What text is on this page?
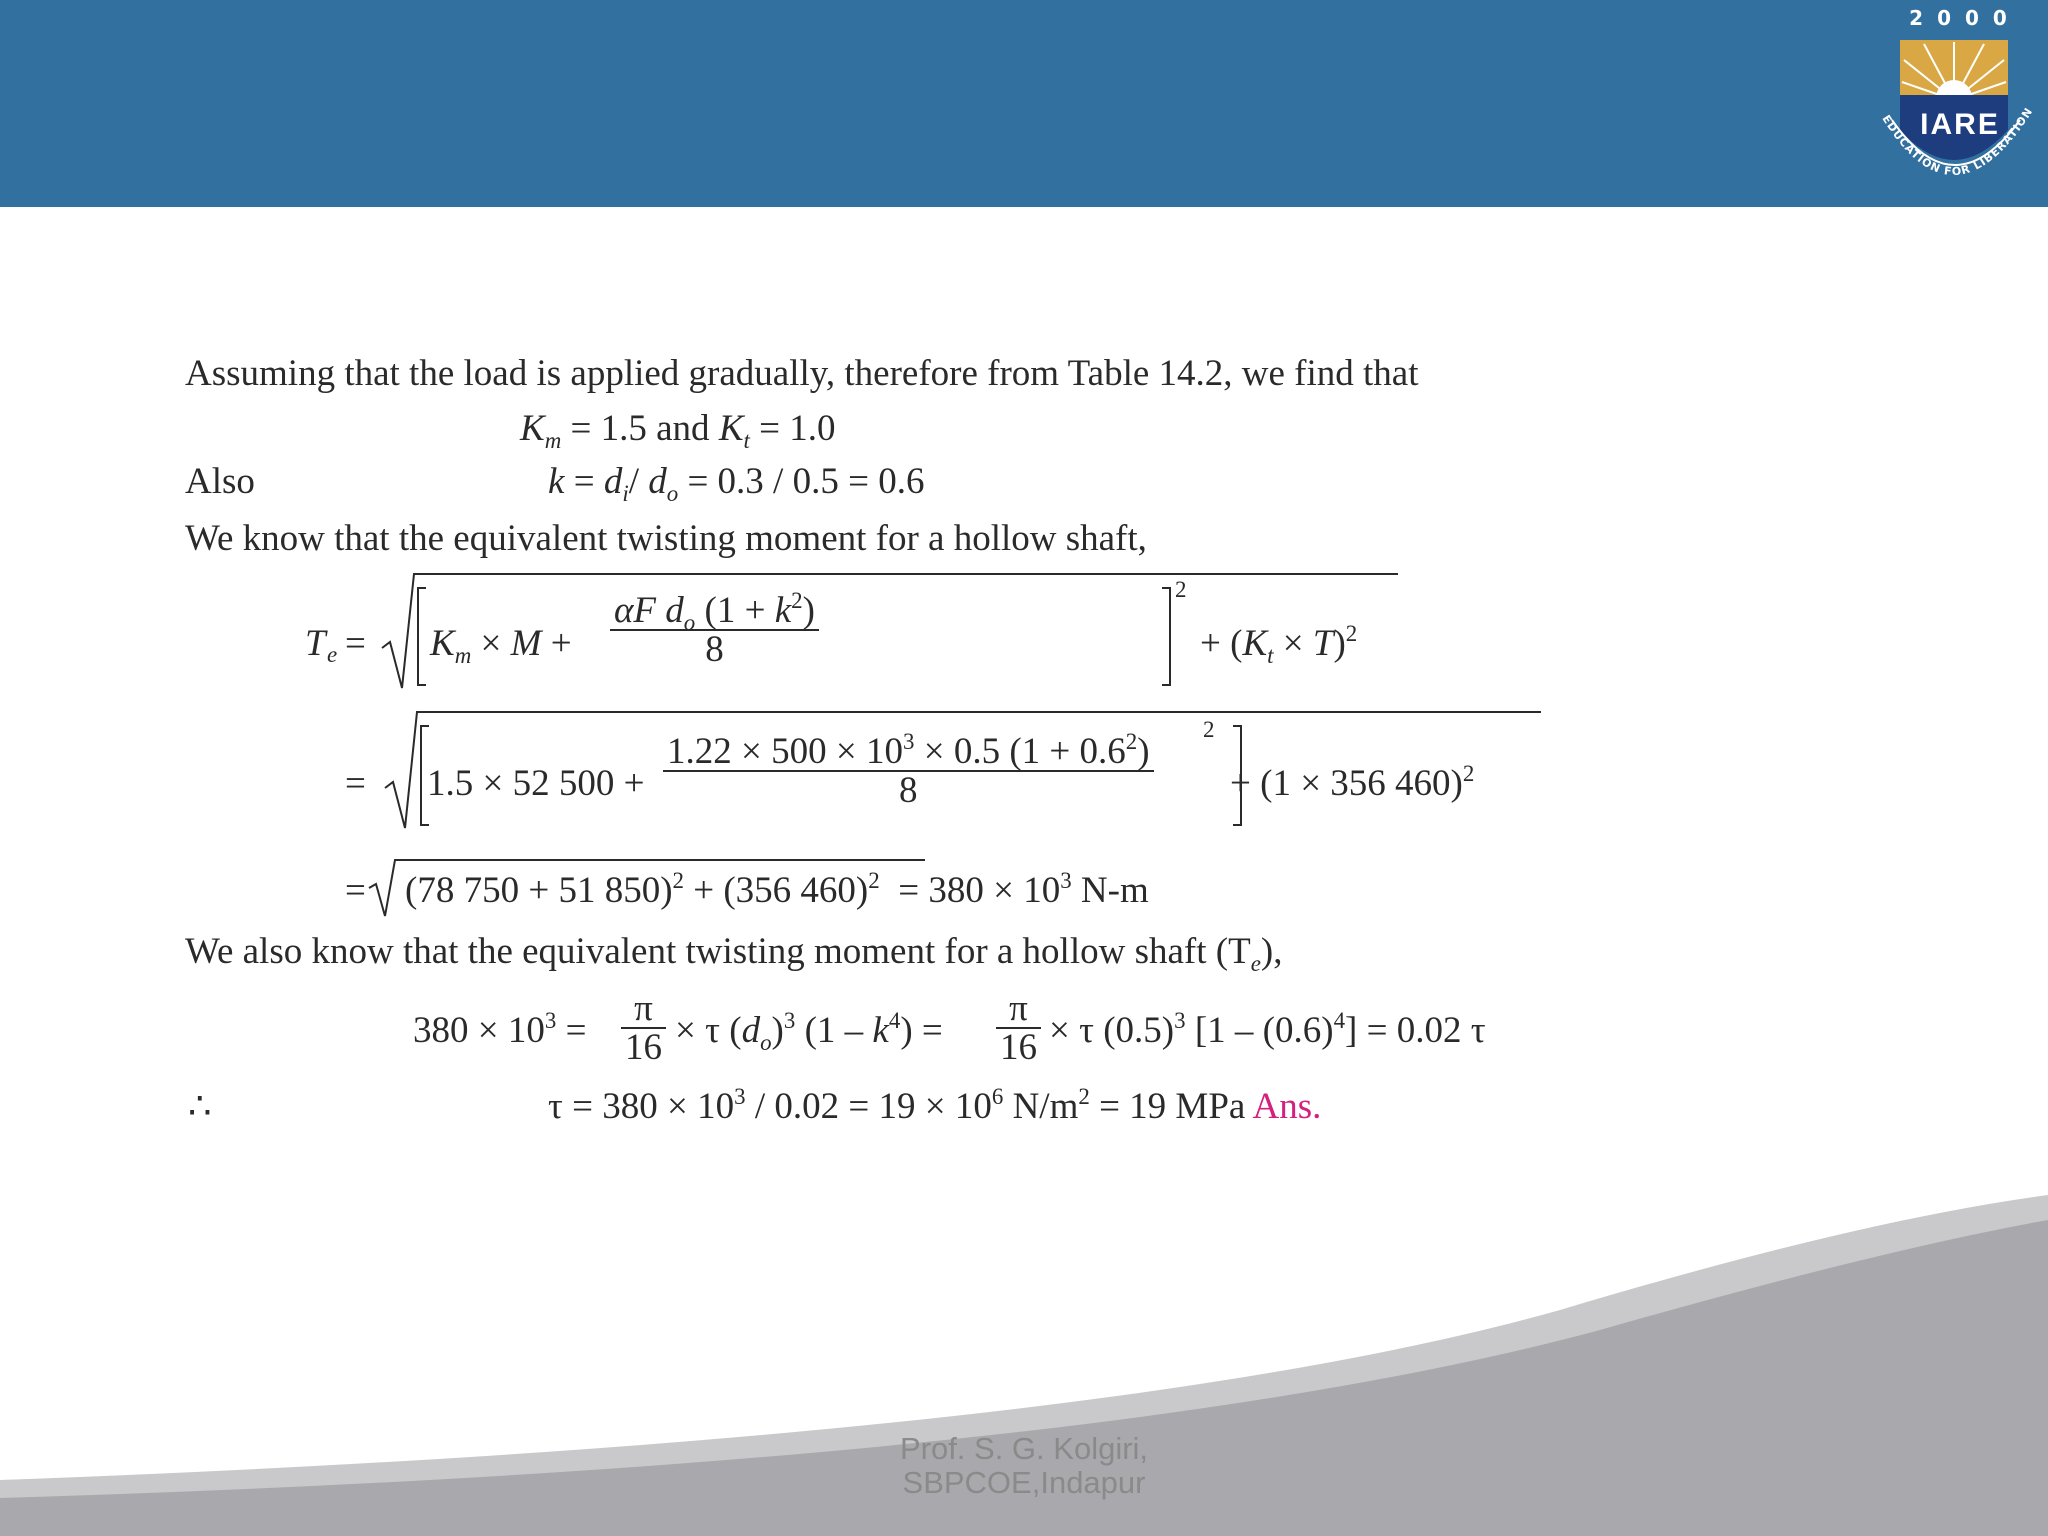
2000
IARE
EDUCATION FOR LIBERATION
Assuming that the load is applied gradually, therefore from Table 14.2, we find that
$K_m = 1.5$ and $K_t = 1.0$
Also	$k = d_i/$ $d_o = 0.3 / 0.5 = 0.6$
We know that the equivalent twisting moment for a hollow shaft,
T $e = K_m \times M + \frac{\alpha F d_o (1 + k^2)}{8}$
2
+ $(K_t \times T)^2$
= 1.5 × 52 $500 + \frac{1.22 \times 500 \times 10^3 \times 0.5 (1 + 0.6^2)}{8}$
2
+ (1 × 356 460)$^2$
= (78 750 + 51 850)$^2$ + (356 $460)^2 = 380 \times 10^3$ N-m
We also know that the equivalent twisting moment for a hollow shaft $(T_e)$,
$380 \times 10^3 = \frac{\pi}{16} \times \tau$ $(d_o)^3$ $(1 - k^4) = \frac{\pi}{16} \times \tau$ $(0.5)^3$ $[1 - (0.6)^4] = 0.02$ τ
∴	$\tau = 380 \times 10^3 / 0.02 = 19 \times 10^6$ $N/m^2 = 19$ MPa Ans.
Prof. S. G. Kolgiri,
SBPCOE,Indapur
